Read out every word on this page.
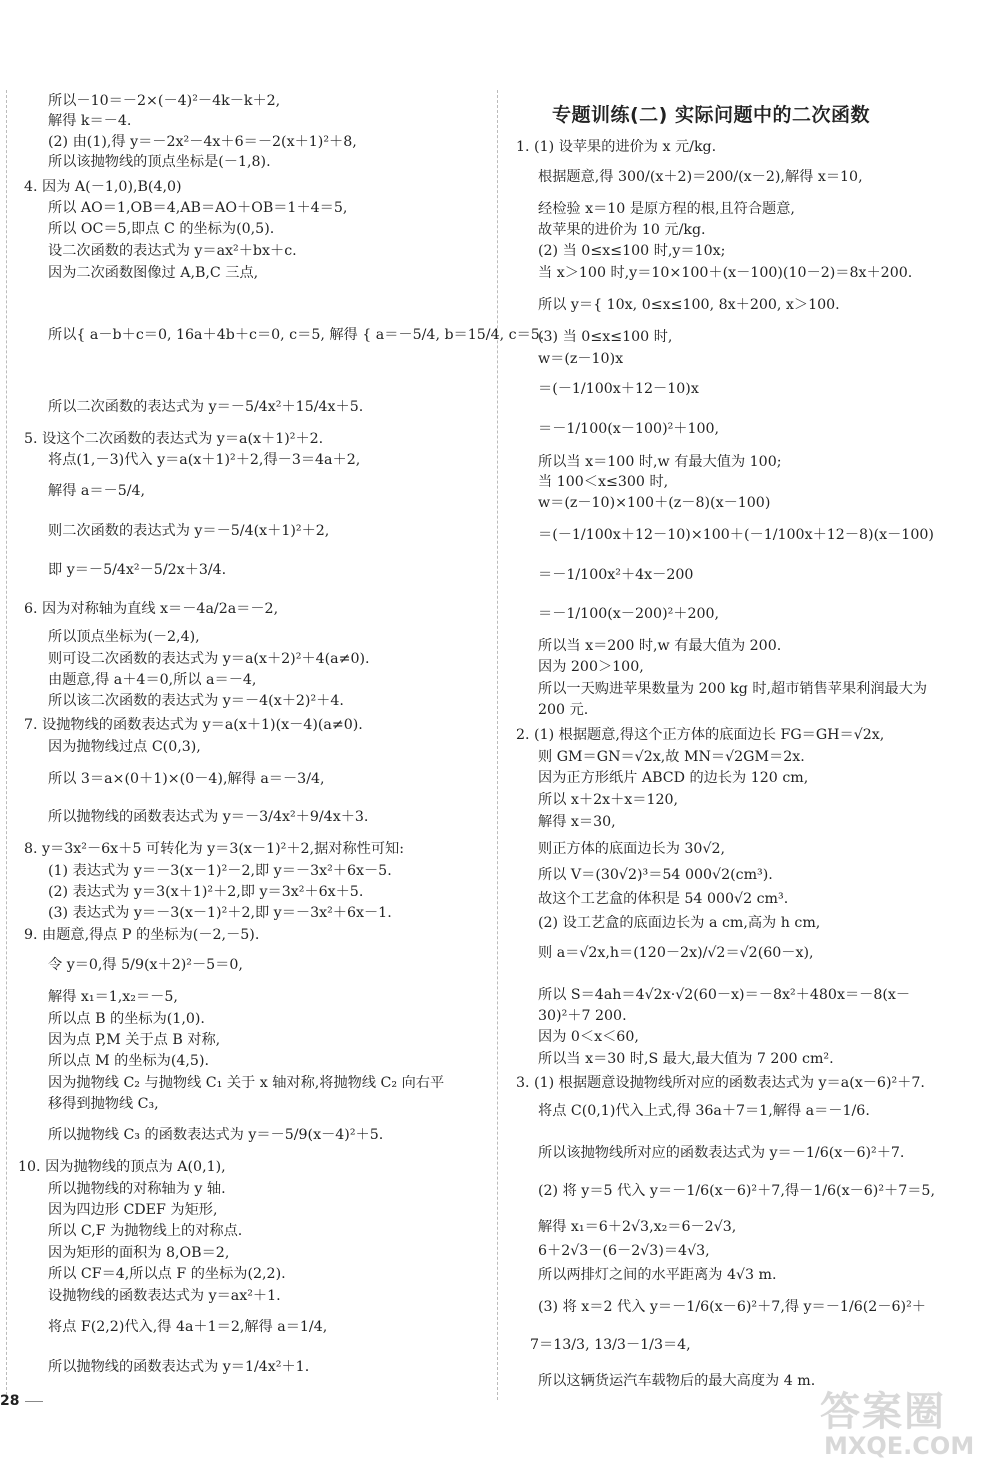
专题训练(二) 实际问题中的二次函数
所以－10＝－2×(－4)²－4k－k＋2,
解得 k＝－4.
(2) 由(1),得 y＝－2x²－4x＋6＝－2(x＋1)²＋8,
所以该抛物线的顶点坐标是(－1,8).
4. 因为 A(－1,0),B(4,0)
所以 AO＝1,OB＝4,AB＝AO＋OB＝1＋4＝5,
所以 OC＝5,即点 C 的坐标为(0,5).
设二次函数的表达式为 y＝ax²＋bx＋c.
因为二次函数图像过 A,B,C 三点,
所以{ a－b＋c＝0, 16a＋4b＋c＝0, c＝5, 解得 { a＝－5/4, b＝15/4, c＝5.
所以二次函数的表达式为 y＝－5/4x²＋15/4x＋5.
5. 设这个二次函数的表达式为 y＝a(x＋1)²＋2.
将点(1,－3)代入 y＝a(x＋1)²＋2,得－3＝4a＋2,
解得 a＝－5/4,
则二次函数的表达式为 y＝－5/4(x＋1)²＋2,
即 y＝－5/4x²－5/2x＋3/4.
6. 因为对称轴为直线 x＝－4a/2a＝－2,
所以顶点坐标为(－2,4),
则可设二次函数的表达式为 y＝a(x＋2)²＋4(a≠0).
由题意,得 a＋4＝0,所以 a＝－4,
所以该二次函数的表达式为 y＝－4(x＋2)²＋4.
7. 设抛物线的函数表达式为 y＝a(x＋1)(x－4)(a≠0).
因为抛物线过点 C(0,3),
所以 3＝a×(0＋1)×(0－4),解得 a＝－3/4,
所以抛物线的函数表达式为 y＝－3/4x²＋9/4x＋3.
8. y＝3x²－6x＋5 可转化为 y＝3(x－1)²＋2,据对称性可知:
(1) 表达式为 y＝－3(x－1)²－2,即 y＝－3x²＋6x－5.
(2) 表达式为 y＝3(x＋1)²＋2,即 y＝3x²＋6x＋5.
(3) 表达式为 y＝－3(x－1)²＋2,即 y＝－3x²＋6x－1.
9. 由题意,得点 P 的坐标为(－2,－5).
令 y＝0,得 5/9(x＋2)²－5＝0,
解得 x₁＝1,x₂＝－5,
所以点 B 的坐标为(1,0).
因为点 P,M 关于点 B 对称,
所以点 M 的坐标为(4,5).
因为抛物线 C₂ 与抛物线 C₁ 关于 x 轴对称,将抛物线 C₂ 向右平
移得到抛物线 C₃,
所以抛物线 C₃ 的函数表达式为 y＝－5/9(x－4)²＋5.
10. 因为抛物线的顶点为 A(0,1),
所以抛物线的对称轴为 y 轴.
因为四边形 CDEF 为矩形,
所以 C,F 为抛物线上的对称点.
因为矩形的面积为 8,OB＝2,
所以 CF＝4,所以点 F 的坐标为(2,2).
设抛物线的函数表达式为 y＝ax²＋1.
将点 F(2,2)代入,得 4a＋1＝2,解得 a＝1/4,
所以抛物线的函数表达式为 y＝1/4x²＋1.
1. (1) 设苹果的进价为 x 元/kg.
根据题意,得 300/(x＋2)＝200/(x－2),解得 x＝10,
经检验 x＝10 是原方程的根,且符合题意,
故苹果的进价为 10 元/kg.
(2) 当 0≤x≤100 时,y＝10x;
当 x＞100 时,y＝10×100＋(x－100)(10－2)＝8x＋200.
所以 y＝{ 10x, 0≤x≤100, 8x＋200, x＞100.
(3) 当 0≤x≤100 时,
w＝(z－10)x
＝(－1/100x＋12－10)x
＝－1/100(x－100)²＋100,
所以当 x＝100 时,w 有最大值为 100;
当 100＜x≤300 时,
w＝(z－10)×100＋(z－8)(x－100)
＝(－1/100x＋12－10)×100＋(－1/100x＋12－8)(x－100)
＝－1/100x²＋4x－200
＝－1/100(x－200)²＋200,
所以当 x＝200 时,w 有最大值为 200.
因为 200＞100,
所以一天购进苹果数量为 200 kg 时,超市销售苹果利润最大为
200 元.
2. (1) 根据题意,得这个正方体的底面边长 FG＝GH＝√2x,
则 GM＝GN＝√2x,故 MN＝√2GM＝2x.
因为正方形纸片 ABCD 的边长为 120 cm,
所以 x＋2x＋x＝120,
解得 x＝30,
则正方体的底面边长为 30√2,
所以 V＝(30√2)³＝54 000√2(cm³).
故这个工艺盒的体积是 54 000√2 cm³.
(2) 设工艺盒的底面边长为 a cm,高为 h cm,
则 a＝√2x,h＝(120－2x)/√2＝√2(60－x),
所以 S＝4ah＝4√2x·√2(60－x)＝－8x²＋480x＝－8(x－
30)²＋7 200.
因为 0＜x＜60,
所以当 x＝30 时,S 最大,最大值为 7 200 cm².
3. (1) 根据题意设抛物线所对应的函数表达式为 y＝a(x－6)²＋7.
将点 C(0,1)代入上式,得 36a＋7＝1,解得 a＝－1/6.
所以该抛物线所对应的函数表达式为 y＝－1/6(x－6)²＋7.
(2) 将 y＝5 代入 y＝－1/6(x－6)²＋7,得－1/6(x－6)²＋7＝5,
解得 x₁＝6＋2√3,x₂＝6－2√3,
6＋2√3－(6－2√3)＝4√3,
所以两排灯之间的水平距离为 4√3 m.
(3) 将 x＝2 代入 y＝－1/6(x－6)²＋7,得 y＝－1/6(2－6)²＋
7＝13/3, 13/3－1/3＝4,
所以这辆货运汽车载物后的最大高度为 4 m.
28	答案圈
MXQE.COM
